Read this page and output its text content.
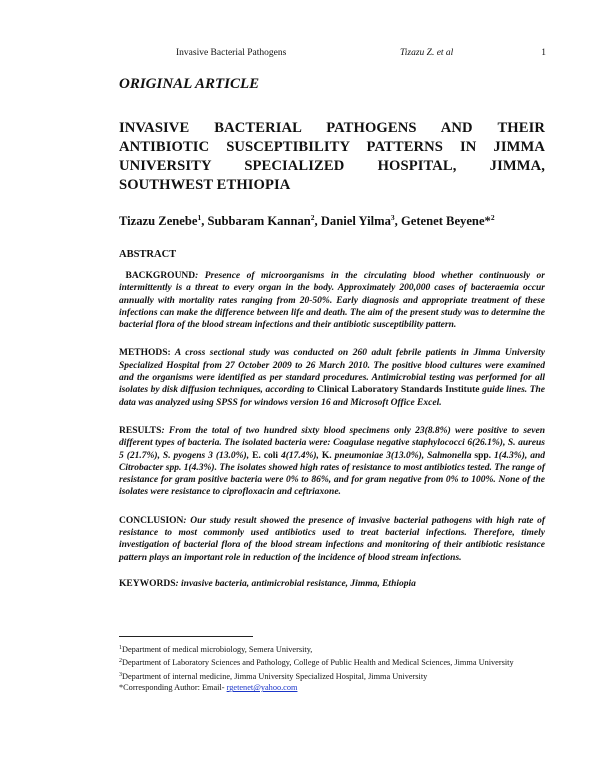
Invasive Bacterial Pathogens	Tizazu Z. et al	1

ORIGINAL ARTICLE

INVASIVE BACTERIAL PATHOGENS AND THEIR ANTIBIOTIC SUSCEPTIBILITY PATTERNS IN JIMMA UNIVERSITY SPECIALIZED HOSPITAL, JIMMA, SOUTHWEST ETHIOPIA

Tizazu Zenebe$^1$, Subbaram Kannan$^2$, Daniel Yilma$^3$, Getenet Beyene*$^2$

ABSTRACT

BACKGROUND: Presence of microorganisms in the circulating blood whether continuously or intermittently is a threat to every organ in the body. Approximately 200,000 cases of bacteraemia occur annually with mortality rates ranging from 20-50%. Early diagnosis and appropriate treatment of these infections can make the difference between life and death. The aim of the present study was to determine the bacterial flora of the blood stream infections and their antibiotic susceptibility pattern.

METHODS: A cross sectional study was conducted on 260 adult febrile patients in Jimma University Specialized Hospital from 27 October 2009 to 26 March 2010. The positive blood cultures were examined and the organisms were identified as per standard procedures. Antimicrobial testing was performed for all isolates by disk diffusion techniques, according to Clinical Laboratory Standards Institute guide lines. The data was analyzed using SPSS for windows version 16 and Microsoft Office Excel.

RESULTS: From the total of two hundred sixty blood specimens only 23(8.8%) were positive to seven different types of bacteria. The isolated bacteria were: Coagulase negative staphylococci 6(26.1%), S. aureus 5 (21.7%), S. pyogens 3 (13.0%), E. coli 4(17.4%), K. pneumoniae 3(13.0%), Salmonella spp. 1(4.3%), and Citrobacter spp. 1(4.3%). The isolates showed high rates of resistance to most antibiotics tested. The range of resistance for gram positive bacteria were 0% to 86%, and for gram negative from 0% to 100%. None of the isolates were resistance to ciprofloxacin and ceftriaxone.

CONCLUSION: Our study result showed the presence of invasive bacterial pathogens with high rate of resistance to most commonly used antibiotics used to treat bacterial infections. Therefore, timely investigation of bacterial flora of the blood stream infections and monitoring of their antibiotic resistance pattern plays an important role in reduction of the incidence of blood stream infections.

KEYWORDS: invasive bacteria, antimicrobial resistance, Jimma, Ethiopia

$^1$Department of medical microbiology, Semera University,

$^2$Department of Laboratory Sciences and Pathology, College of Public Health and Medical Sciences, Jimma University

$^3$Department of internal medicine, Jimma University Specialized Hospital, Jimma University

*Corresponding Author: Email- rgetenet@yahoo.com
